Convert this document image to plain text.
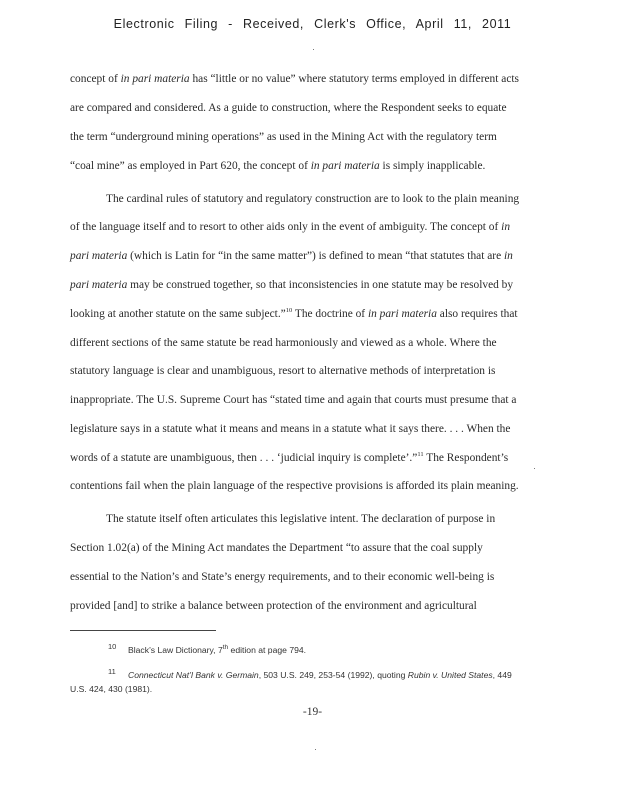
Electronic Filing - Received, Clerk's Office, April 11, 2011
concept of in pari materia has “little or no value” where statutory terms employed in different acts
are compared and considered. As a guide to construction, where the Respondent seeks to equate
the term “underground mining operations” as used in the Mining Act with the regulatory term
“coal mine” as employed in Part 620, the concept of in pari materia is simply inapplicable.
The cardinal rules of statutory and regulatory construction are to look to the plain meaning
of the language itself and to resort to other aids only in the event of ambiguity. The concept of in
pari materia (which is Latin for “in the same matter”) is defined to mean “that statutes that are in
pari materia may be construed together, so that inconsistencies in one statute may be resolved by
looking at another statute on the same subject.”$^{10}$ The doctrine of in pari materia also requires that
different sections of the same statute be read harmoniously and viewed as a whole. Where the
statutory language is clear and unambiguous, resort to alternative methods of interpretation is
inappropriate. The U.S. Supreme Court has “stated time and again that courts must presume that a
legislature says in a statute what it means and means in a statute what it says there. . . . When the
words of a statute are unambiguous, then . . . ‘judicial inquiry is complete’.”$^{11}$ The Respondent’s
contentions fail when the plain language of the respective provisions is afforded its plain meaning.
The statute itself often articulates this legislative intent. The declaration of purpose in
Section 1.02(a) of the Mining Act mandates the Department “to assure that the coal supply
essential to the Nation’s and State’s energy requirements, and to their economic well-being is
provided [and] to strike a balance between protection of the environment and agricultural
10 Black’s Law Dictionary, 7th edition at page 794.
11 Connecticut Nat’l Bank v. Germain, 503 U.S. 249, 253-54 (1992), quoting Rubin v. United States, 449
U.S. 424, 430 (1981).
-19-
